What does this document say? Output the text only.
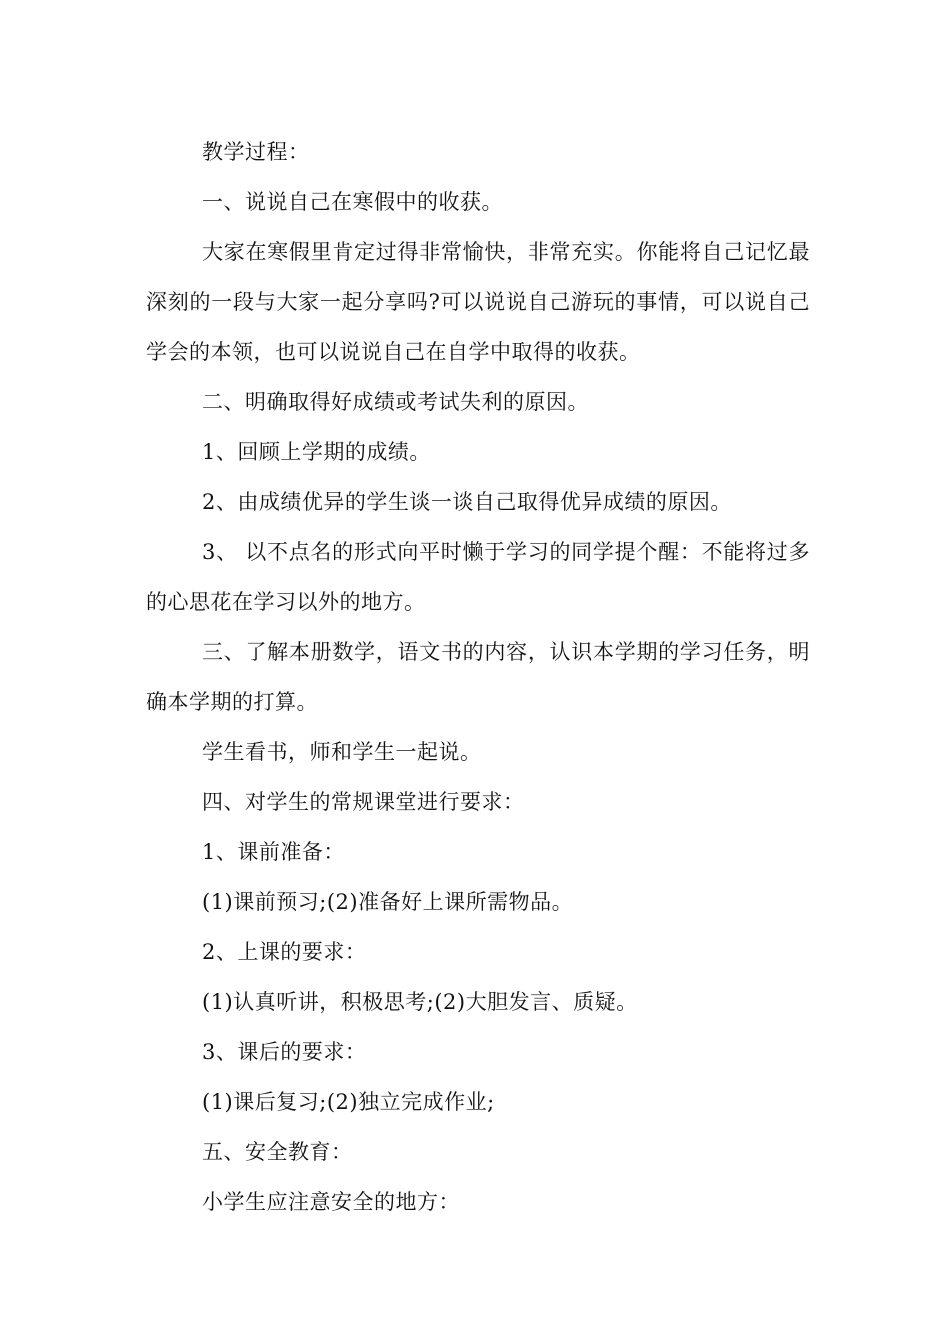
教学过程：

一、说说自己在寒假中的收获。

大家在寒假里肯定过得非常愉快，非常充实。你能将自己记忆最深刻的一段与大家一起分享吗?可以说说自己游玩的事情，可以说自己学会的本领，也可以说说自己在自学中取得的收获。

二、明确取得好成绩或考试失利的原因。

1、回顾上学期的成绩。

2、由成绩优异的学生谈一谈自己取得优异成绩的原因。

3、 以不点名的形式向平时懒于学习的同学提个醒：不能将过多的心思花在学习以外的地方。

三、了解本册数学，语文书的内容，认识本学期的学习任务，明确本学期的打算。

学生看书，师和学生一起说。

四、对学生的常规课堂进行要求：

1、课前准备：

(1)课前预习;(2)准备好上课所需物品。

2、上课的要求：

(1)认真听讲，积极思考;(2)大胆发言、质疑。

3、课后的要求：

(1)课后复习;(2)独立完成作业;

五、安全教育：

小学生应注意安全的地方：
